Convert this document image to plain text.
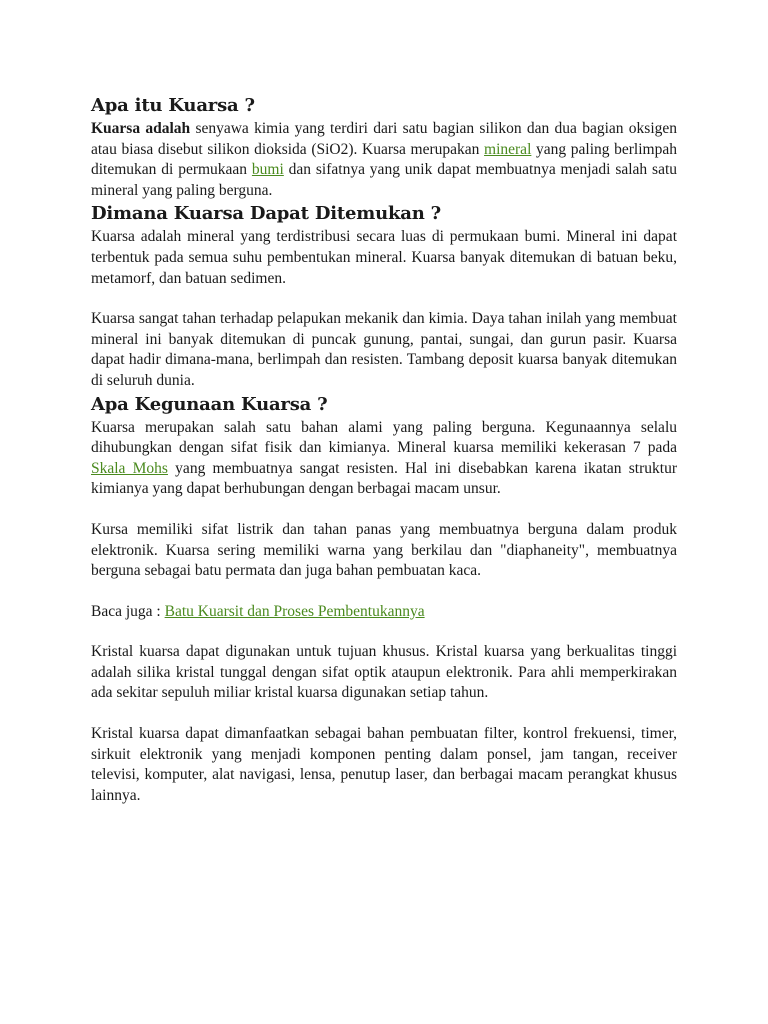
Apa itu Kuarsa ?

Kuarsa adalah senyawa kimia yang terdiri dari satu bagian silikon dan dua bagian oksigen atau biasa disebut silikon dioksida (SiO2). Kuarsa merupakan mineral yang paling berlimpah ditemukan di permukaan bumi dan sifatnya yang unik dapat membuatnya menjadi salah satu mineral yang paling berguna.

Dimana Kuarsa Dapat Ditemukan ?

Kuarsa adalah mineral yang terdistribusi secara luas di permukaan bumi. Mineral ini dapat terbentuk pada semua suhu pembentukan mineral. Kuarsa banyak ditemukan di batuan beku, metamorf, dan batuan sedimen.

Kuarsa sangat tahan terhadap pelapukan mekanik dan kimia. Daya tahan inilah yang membuat mineral ini banyak ditemukan di puncak gunung, pantai, sungai, dan gurun pasir. Kuarsa dapat hadir dimana-mana, berlimpah dan resisten. Tambang deposit kuarsa banyak ditemukan di seluruh dunia.

Apa Kegunaan Kuarsa ?

Kuarsa merupakan salah satu bahan alami yang paling berguna. Kegunaannya selalu dihubungkan dengan sifat fisik dan kimianya. Mineral kuarsa memiliki kekerasan 7 pada Skala Mohs yang membuatnya sangat resisten. Hal ini disebabkan karena ikatan struktur kimianya yang dapat berhubungan dengan berbagai macam unsur.

Kursa memiliki sifat listrik dan tahan panas yang membuatnya berguna dalam produk elektronik. Kuarsa sering memiliki warna yang berkilau dan "diaphaneity", membuatnya berguna sebagai batu permata dan juga bahan pembuatan kaca.

Baca juga : Batu Kuarsit dan Proses Pembentukannya

Kristal kuarsa dapat digunakan untuk tujuan khusus. Kristal kuarsa yang berkualitas tinggi adalah silika kristal tunggal dengan sifat optik ataupun elektronik. Para ahli memperkirakan ada sekitar sepuluh miliar kristal kuarsa digunakan setiap tahun.

Kristal kuarsa dapat dimanfaatkan sebagai bahan pembuatan filter, kontrol frekuensi, timer, sirkuit elektronik yang menjadi komponen penting dalam ponsel, jam tangan, receiver televisi, komputer, alat navigasi, lensa, penutup laser, dan berbagai macam perangkat khusus lainnya.
